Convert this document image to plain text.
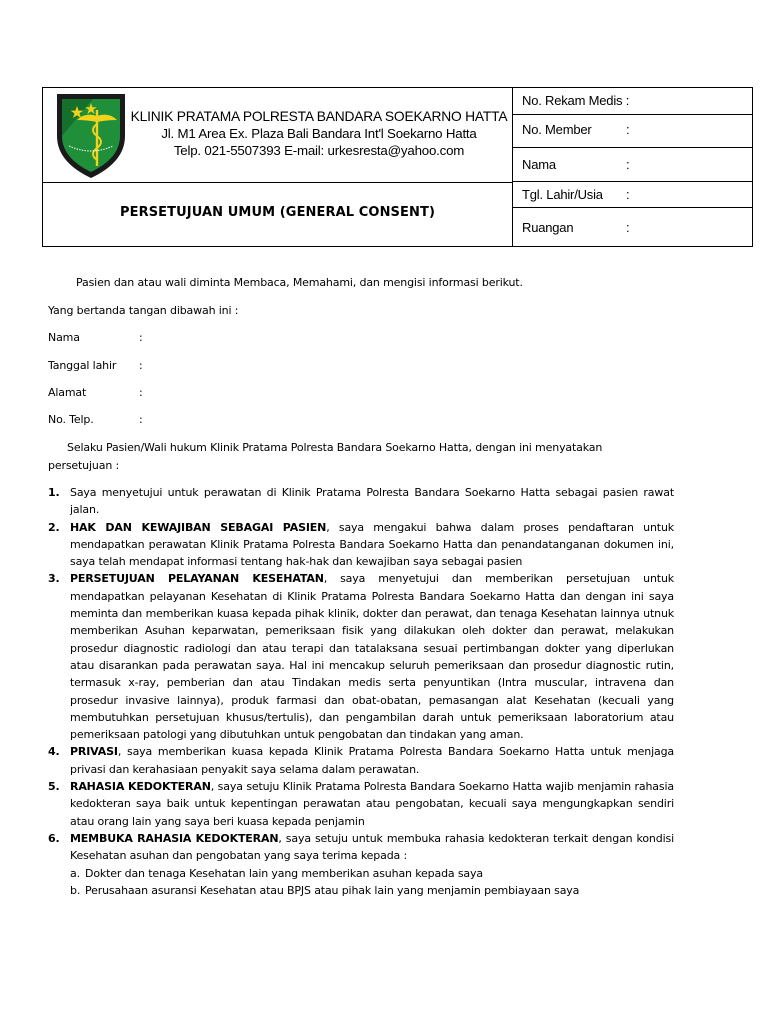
KLINIK PRATAMA POLRESTA BANDARA SOEKARNO HATTA
Jl. M1 Area Ex. Plaza Bali Bandara Int'l Soekarno Hatta
Telp. 021-5507393 E-mail: urkesresta@yahoo.com
PERSETUJUAN UMUM (GENERAL CONSENT)
No. Rekam Medis :
No. Member	:
Nama	:
Tgl. Lahir/Usia :
Ruangan	:
Pasien dan atau wali diminta Membaca, Memahami, dan mengisi informasi berikut.
Yang bertanda tangan dibawah ini :
Nama	:
Tanggal lahir :
Alamat	:
No. Telp.	:
Selaku Pasien/Wali hukum Klinik Pratama Polresta Bandara Soekarno Hatta, dengan ini menyatakan
persetujuan :
1. Saya menyetujui untuk perawatan di Klinik Pratama Polresta Bandara Soekarno Hatta sebagai pasien rawat jalan.
2. HAK DAN KEWAJIBAN SEBAGAI PASIEN, saya mengakui bahwa dalam proses pendaftaran untuk mendapatkan perawatan Klinik Pratama Polresta Bandara Soekarno Hatta dan penandatanganan dokumen ini, saya telah mendapat informasi tentang hak-hak dan kewajiban saya sebagai pasien
3. PERSETUJUAN PELAYANAN KESEHATAN, saya menyetujui dan memberikan persetujuan untuk mendapatkan pelayanan Kesehatan di Klinik Pratama Polresta Bandara Soekarno Hatta dan dengan ini saya meminta dan memberikan kuasa kepada pihak klinik, dokter dan perawat, dan tenaga Kesehatan lainnya utnuk memberikan Asuhan keparwatan, pemeriksaan fisik yang dilakukan oleh dokter dan perawat, melakukan prosedur diagnostic radiologi dan atau terapi dan tatalaksana sesuai pertimbangan dokter yang diperlukan atau disarankan pada perawatan saya. Hal ini mencakup seluruh pemeriksaan dan prosedur diagnostic rutin, termasuk x-ray, pemberian dan atau Tindakan medis serta penyuntikan (Intra muscular, intravena dan prosedur invasive lainnya), produk farmasi dan obat-obatan, pemasangan alat Kesehatan (kecuali yang membutuhkan persetujuan khusus/tertulis), dan pengambilan darah untuk pemeriksaan laboratorium atau pemeriksaan patologi yang dibutuhkan untuk pengobatan dan tindakan yang aman.
4. PRIVASI, saya memberikan kuasa kepada Klinik Pratama Polresta Bandara Soekarno Hatta untuk menjaga privasi dan kerahasiaan penyakit saya selama dalam perawatan.
5. RAHASIA KEDOKTERAN, saya setuju Klinik Pratama Polresta Bandara Soekarno Hatta wajib menjamin rahasia kedokteran saya baik untuk kepentingan perawatan atau pengobatan, kecuali saya mengungkapkan sendiri atau orang lain yang saya beri kuasa kepada penjamin
6. MEMBUKA RAHASIA KEDOKTERAN, saya setuju untuk membuka rahasia kedokteran terkait dengan kondisi Kesehatan asuhan dan pengobatan yang saya terima kepada :
a. Dokter dan tenaga Kesehatan lain yang memberikan asuhan kepada saya
b. Perusahaan asuransi Kesehatan atau BPJS atau pihak lain yang menjamin pembiayaan saya
